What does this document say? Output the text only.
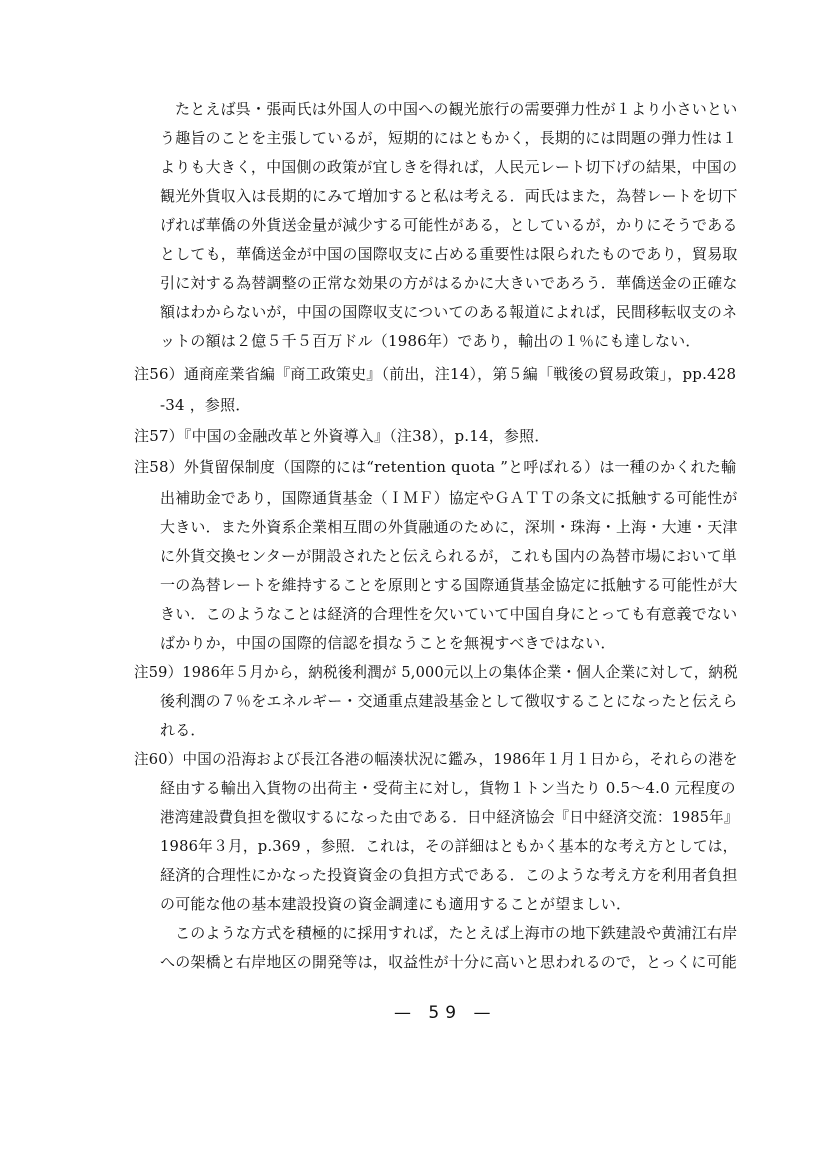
たとえば呉・張両氏は外国人の中国への観光旅行の需要弾力性が１より小さいとい
う趣旨のことを主張しているが，短期的にはともかく，長期的には問題の弾力性は１
よりも大きく，中国側の政策が宜しきを得れば，人民元レート切下げの結果，中国の
観光外貨収入は長期的にみて増加すると私は考える．両氏はまた，為替レートを切下
げれば華僑の外貨送金量が減少する可能性がある，としているが，かりにそうである
としても，華僑送金が中国の国際収支に占める重要性は限られたものであり，貿易取
引に対する為替調整の正常な効果の方がはるかに大きいであろう．華僑送金の正確な
額はわからないが，中国の国際収支についてのある報道によれば，民間移転収支のネ
ットの額は２億５千５百万ドル（1986年）であり，輸出の１％にも達しない．
注56）通商産業省編『商工政策史』（前出，注14），第５編「戦後の貿易政策」，pp.428
-34 ，参照．
注57）『中国の金融改革と外資導入』（注38），p.14，参照．
注58）外貨留保制度（国際的には“retention quota ”と呼ばれる）は一種のかくれた輸
出補助金であり，国際通貨基金（ＩＭＦ）協定やＧＡＴＴの条文に抵触する可能性が
大きい．また外資系企業相互間の外貨融通のために，深圳・珠海・上海・大連・天津
に外貨交換センターが開設されたと伝えられるが，これも国内の為替市場において単
一の為替レートを維持することを原則とする国際通貨基金協定に抵触する可能性が大
きい．このようなことは経済的合理性を欠いていて中国自身にとっても有意義でない
ばかりか，中国の国際的信認を損なうことを無視すべきではない．
注59）1986年５月から，納税後利潤が 5,000元以上の集体企業・個人企業に対して，納税
後利潤の７％をエネルギー・交通重点建設基金として徴収することになったと伝えら
れる．
注60）中国の沿海および長江各港の幅湊状況に鑑み，1986年１月１日から，それらの港を
経由する輸出入貨物の出荷主・受荷主に対し，貨物１トン当たり 0.5～4.0 元程度の
港湾建設費負担を徴収するになった由である．日中経済協会『日中経済交流：1985年』
1986年３月，p.369 ，参照．これは，その詳細はともかく基本的な考え方としては，
経済的合理性にかなった投資資金の負担方式である．このような考え方を利用者負担
の可能な他の基本建設投資の資金調達にも適用することが望ましい．
このような方式を積極的に採用すれば，たとえば上海市の地下鉄建設や黄浦江右岸
への架橋と右岸地区の開発等は，収益性が十分に高いと思われるので，とっくに可能
— 59 —
